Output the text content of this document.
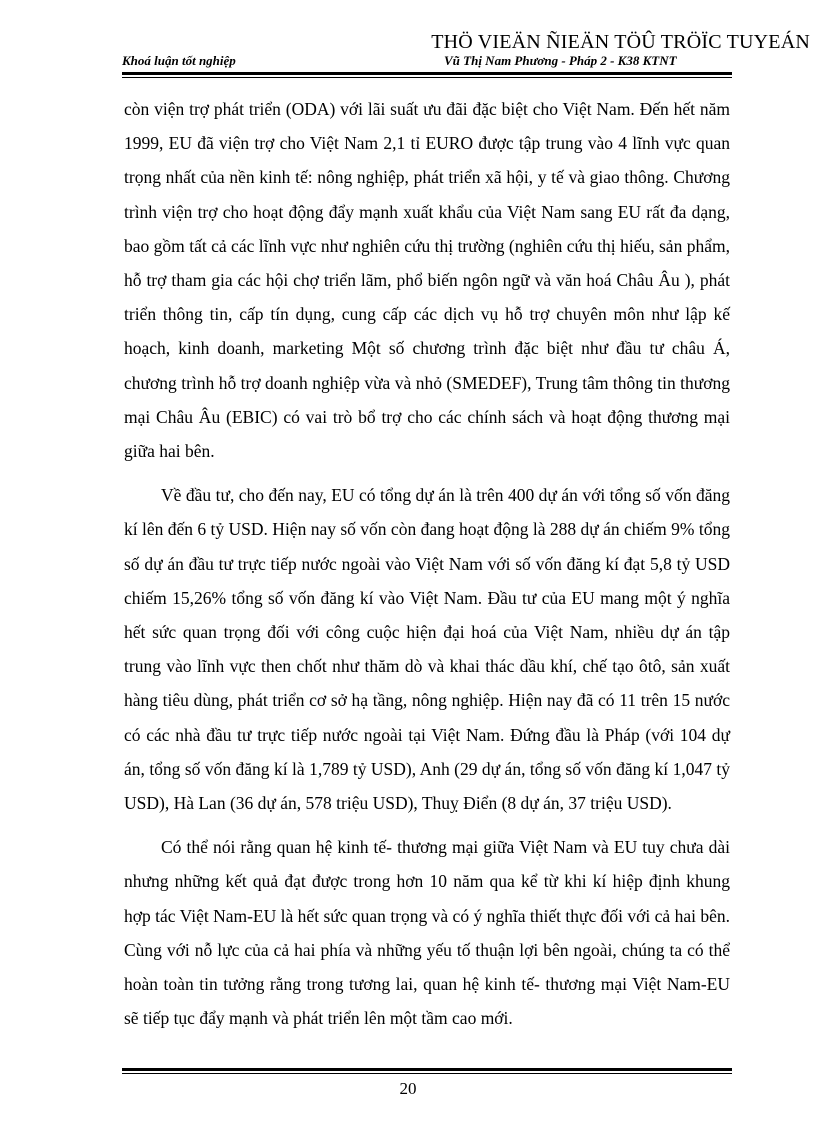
THÖ VIEÄN ÑIEÄN TÖÛ TRÖÏC TUYEÁN
Khoá luận tốt nghiệp	Vũ Thị Nam Phương - Pháp 2 - K38 KTNT

còn viện trợ phát triển (ODA) với lãi suất ưu đãi đặc biệt cho Việt Nam. Đến hết năm 1999, EU đã viện trợ cho Việt Nam 2,1 tỉ EURO được tập trung vào 4 lĩnh vực quan trọng nhất của nền kinh tế: nông nghiệp, phát triển xã hội, y tế và giao thông. Chương trình viện trợ cho hoạt động đẩy mạnh xuất khẩu của Việt Nam sang EU rất đa dạng, bao gồm tất cả các lĩnh vực như nghiên cứu thị trường (nghiên cứu thị hiếu, sản phẩm, hỗ trợ tham gia các hội chợ triển lãm, phổ biến ngôn ngữ và văn hoá Châu Âu ), phát triển thông tin, cấp tín dụng, cung cấp các dịch vụ hỗ trợ chuyên môn như lập kế hoạch, kinh doanh, marketing Một số chương trình đặc biệt như đầu tư châu Á, chương trình hỗ trợ doanh nghiệp vừa và nhỏ (SMEDEF), Trung tâm thông tin thương mại Châu Âu (EBIC) có vai trò bổ trợ cho các chính sách và hoạt động thương mại giữa hai bên.

Về đầu tư, cho đến nay, EU có tổng dự án là trên 400 dự án với tổng số vốn đăng kí lên đến 6 tỷ USD. Hiện nay số vốn còn đang hoạt động là 288 dự án chiếm 9% tổng số dự án đầu tư trực tiếp nước ngoài vào Việt Nam với số vốn đăng kí đạt 5,8 tỷ USD chiếm 15,26% tổng số vốn đăng kí vào Việt Nam. Đầu tư của EU mang một ý nghĩa hết sức quan trọng đối với công cuộc hiện đại hoá của Việt Nam, nhiều dự án tập trung vào lĩnh vực then chốt như thăm dò và khai thác dầu khí, chế tạo ôtô, sản xuất hàng tiêu dùng, phát triển cơ sở hạ tầng, nông nghiệp. Hiện nay đã có 11 trên 15 nước có các nhà đầu tư trực tiếp nước ngoài tại Việt Nam. Đứng đầu là Pháp (với 104 dự án, tổng số vốn đăng kí là 1,789 tỷ USD), Anh (29 dự án, tổng số vốn đăng kí 1,047 tỷ USD), Hà Lan (36 dự án, 578 triệu USD), Thuỵ Điển (8 dự án, 37 triệu USD).

Có thể nói rằng quan hệ kinh tế- thương mại giữa Việt Nam và EU tuy chưa dài nhưng những kết quả đạt được trong hơn 10 năm qua kể từ khi kí hiệp định khung hợp tác Việt Nam-EU là hết sức quan trọng và có ý nghĩa thiết thực đối với cả hai bên. Cùng với nỗ lực của cả hai phía và những yếu tố thuận lợi bên ngoài, chúng ta có thể hoàn toàn tin tưởng rằng trong tương lai, quan hệ kinh tế- thương mại Việt Nam-EU sẽ tiếp tục đẩy mạnh và phát triển lên một tầm cao mới.

20
